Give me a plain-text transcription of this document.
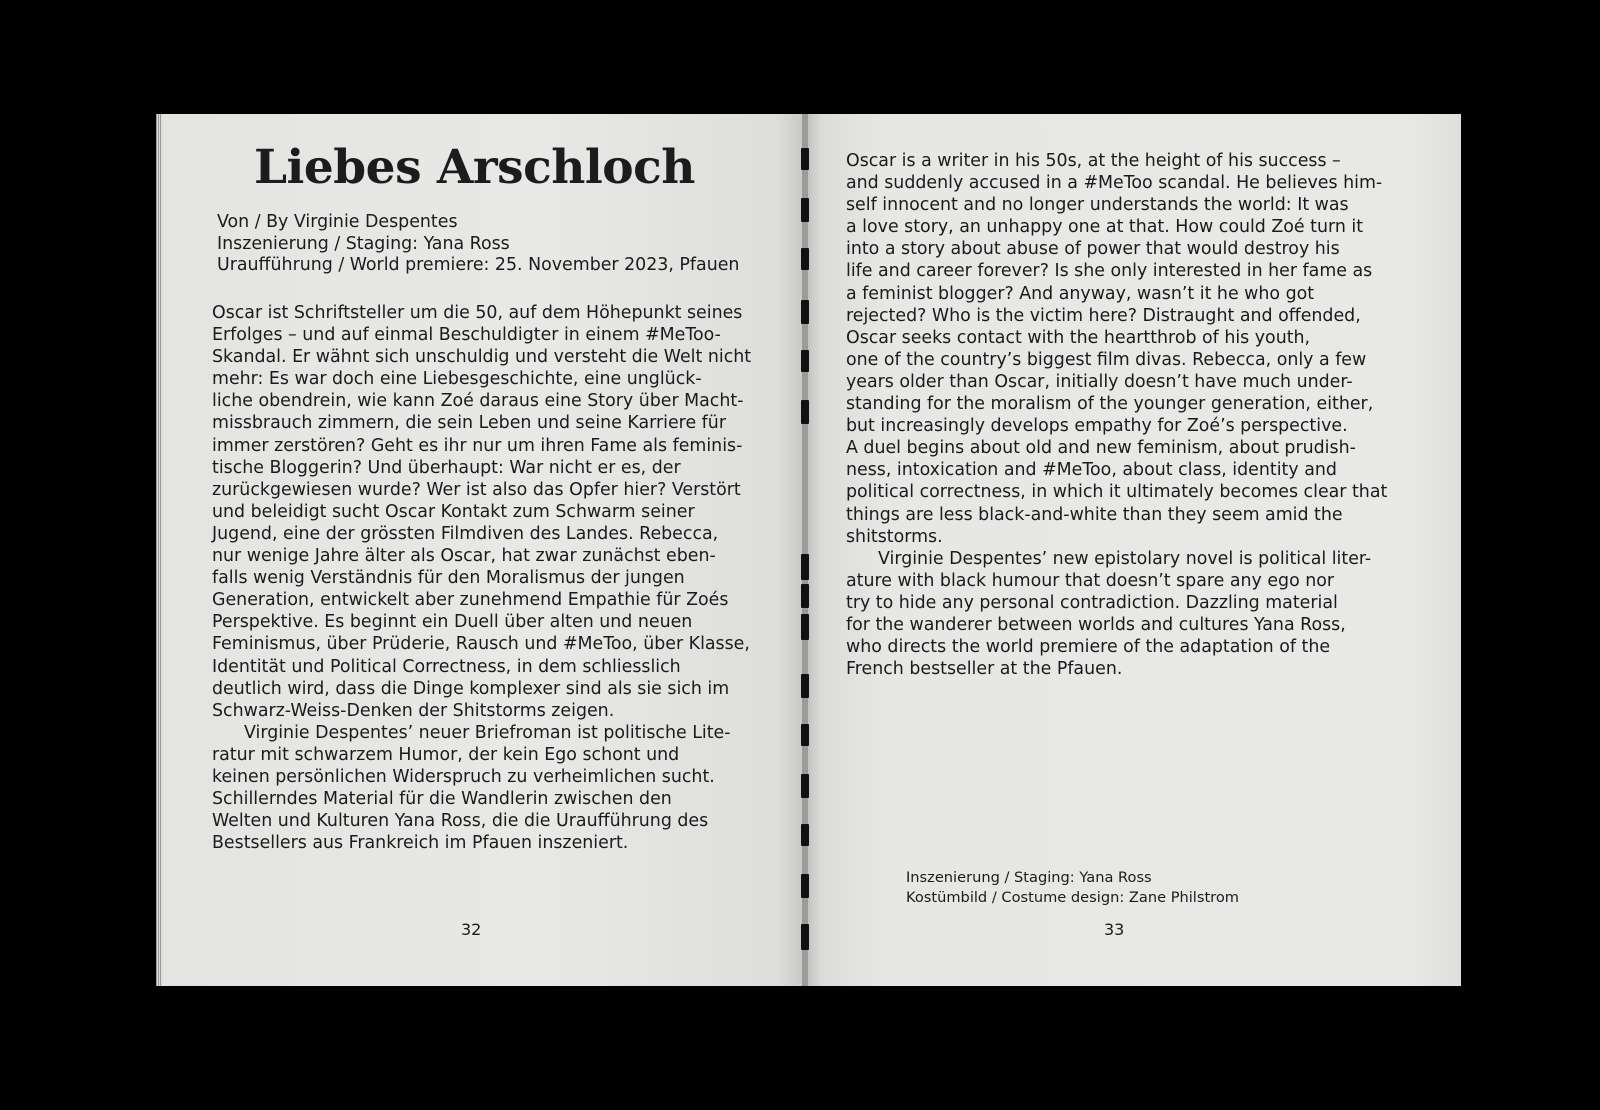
Liebes Arschloch
Von / By Virginie Despentes
Inszenierung / Staging: Yana Ross
Uraufführung / World premiere: 25. November 2023, Pfauen

Oscar ist Schriftsteller um die 50, auf dem Höhepunkt seines

Erfolges – und auf einmal Beschuldigter in einem #MeToo-

Skandal. Er wähnt sich unschuldig und versteht die Welt nicht

mehr: Es war doch eine Liebesgeschichte, eine unglück-

liche obendrein, wie kann Zoé daraus eine Story über Macht-

missbrauch zimmern, die sein Leben und seine Karriere für

immer zerstören? Geht es ihr nur um ihren Fame als feminis-

tische Bloggerin? Und überhaupt: War nicht er es, der

zurückgewiesen wurde? Wer ist also das Opfer hier? Verstört

und beleidigt sucht Oscar Kontakt zum Schwarm seiner

Jugend, eine der grössten Filmdiven des Landes. Rebecca,

nur wenige Jahre älter als Oscar, hat zwar zunächst eben-

falls wenig Verständnis für den Moralismus der jungen

Generation, entwickelt aber zunehmend Empathie für Zoés

Perspektive. Es beginnt ein Duell über alten und neuen

Feminismus, über Prüderie, Rausch und #MeToo, über Klasse,

Identität und Political Correctness, in dem schliesslich

deutlich wird, dass die Dinge komplexer sind als sie sich im

Schwarz-Weiss-Denken der Shitstorms zeigen.

Virginie Despentes’ neuer Briefroman ist politische Lite-

ratur mit schwarzem Humor, der kein Ego schont und

keinen persönlichen Widerspruch zu verheimlichen sucht.

Schillerndes Material für die Wandlerin zwischen den

Welten und Kulturen Yana Ross, die die Uraufführung des

Bestsellers aus Frankreich im Pfauen inszeniert.

32

Oscar is a writer in his 50s, at the height of his success –

and suddenly accused in a #MeToo scandal. He believes him-

self innocent and no longer understands the world: It was

a love story, an unhappy one at that. How could Zoé turn it

into a story about abuse of power that would destroy his

life and career forever? Is she only interested in her fame as

a feminist blogger? And anyway, wasn’t it he who got

rejected? Who is the victim here? Distraught and offended,

Oscar seeks contact with the heartthrob of his youth,

one of the country’s biggest film divas. Rebecca, only a few

years older than Oscar, initially doesn’t have much under-

standing for the moralism of the younger generation, either,

but increasingly develops empathy for Zoé’s perspective.

A duel begins about old and new feminism, about prudish-

ness, intoxication and #MeToo, about class, identity and

political correctness, in which it ultimately becomes clear that

things are less black-and-white than they seem amid the

shitstorms.

Virginie Despentes’ new epistolary novel is political liter-

ature with black humour that doesn’t spare any ego nor

try to hide any personal contradiction. Dazzling material

for the wanderer between worlds and cultures Yana Ross,

who directs the world premiere of the adaptation of the

French bestseller at the Pfauen.

Inszenierung / Staging: Yana Ross
Kostümbild / Costume design: Zane Philstrom
33
